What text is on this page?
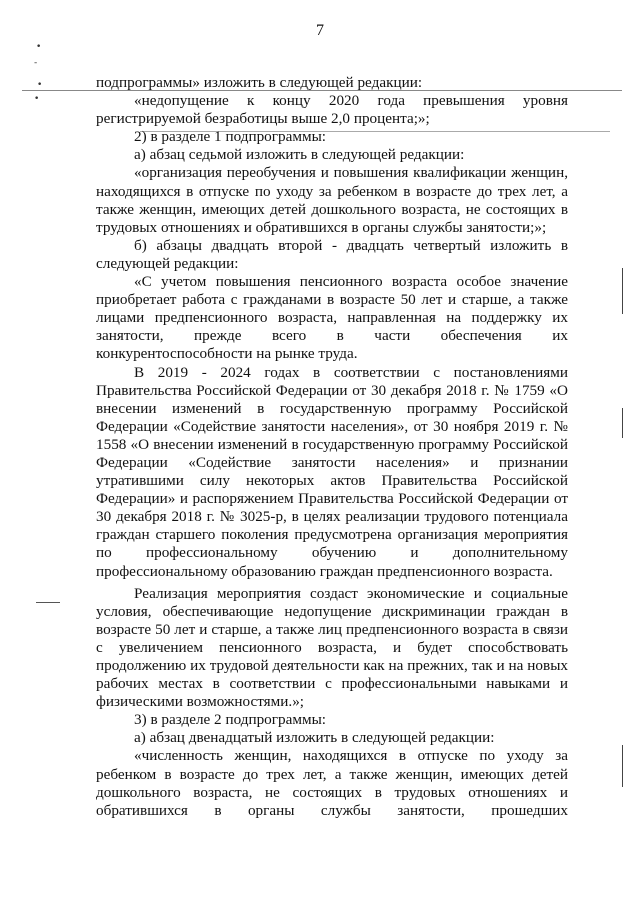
7
•
-
•
•

подпрограммы» изложить в следующей редакции:

«недопущение к концу 2020 года превышения уровня регистрируемой безработицы выше 2,0 процента;»;

2) в разделе 1 подпрограммы:

а) абзац седьмой изложить в следующей редакции:

«организация переобучения и повышения квалификации женщин, находящихся в отпуске по уходу за ребенком в возрасте до трех лет, а также женщин, имеющих детей дошкольного возраста, не состоящих в трудовых отношениях и обратившихся в органы службы занятости;»;

б) абзацы двадцать второй - двадцать четвертый изложить в следующей редакции:

«С учетом повышения пенсионного возраста особое значение приобретает работа с гражданами в возрасте 50 лет и старше, а также лицами предпенсионного возраста, направленная на поддержку их занятости, прежде всего в части обеспечения их конкурентоспособности на рынке труда.

В 2019 - 2024 годах в соответствии с постановлениями Правительства Российской Федерации от 30 декабря 2018 г. № 1759 «О внесении изменений в государственную программу Российской Федерации «Содействие занятости населения», от 30 ноября 2019 г. № 1558 «О внесении изменений в государственную программу Российской Федерации «Содействие занятости населения» и признании утратившими силу некоторых актов Правительства Российской Федерации» и распоряжением Правительства Российской Федерации от 30 декабря 2018 г. № 3025-р, в целях реализации трудового потенциала граждан старшего поколения предусмотрена организация мероприятия по профессиональному обучению и дополнительному профессиональному образованию граждан предпенсионного возраста.

Реализация мероприятия создаст экономические и социальные условия, обеспечивающие недопущение дискриминации граждан в возрасте 50 лет и старше, а также лиц предпенсионного возраста в связи с увеличением пенсионного возраста, и будет способствовать продолжению их трудовой деятельности как на прежних, так и на новых рабочих местах в соответствии с профессиональными навыками и физическими возможностями.»;

3) в разделе 2 подпрограммы:

а) абзац двенадцатый изложить в следующей редакции:

«численность женщин, находящихся в отпуске по уходу за ребенком в возрасте до трех лет, а также женщин, имеющих детей дошкольного возраста, не состоящих в трудовых отношениях и обратившихся в органы службы занятости, прошедших
